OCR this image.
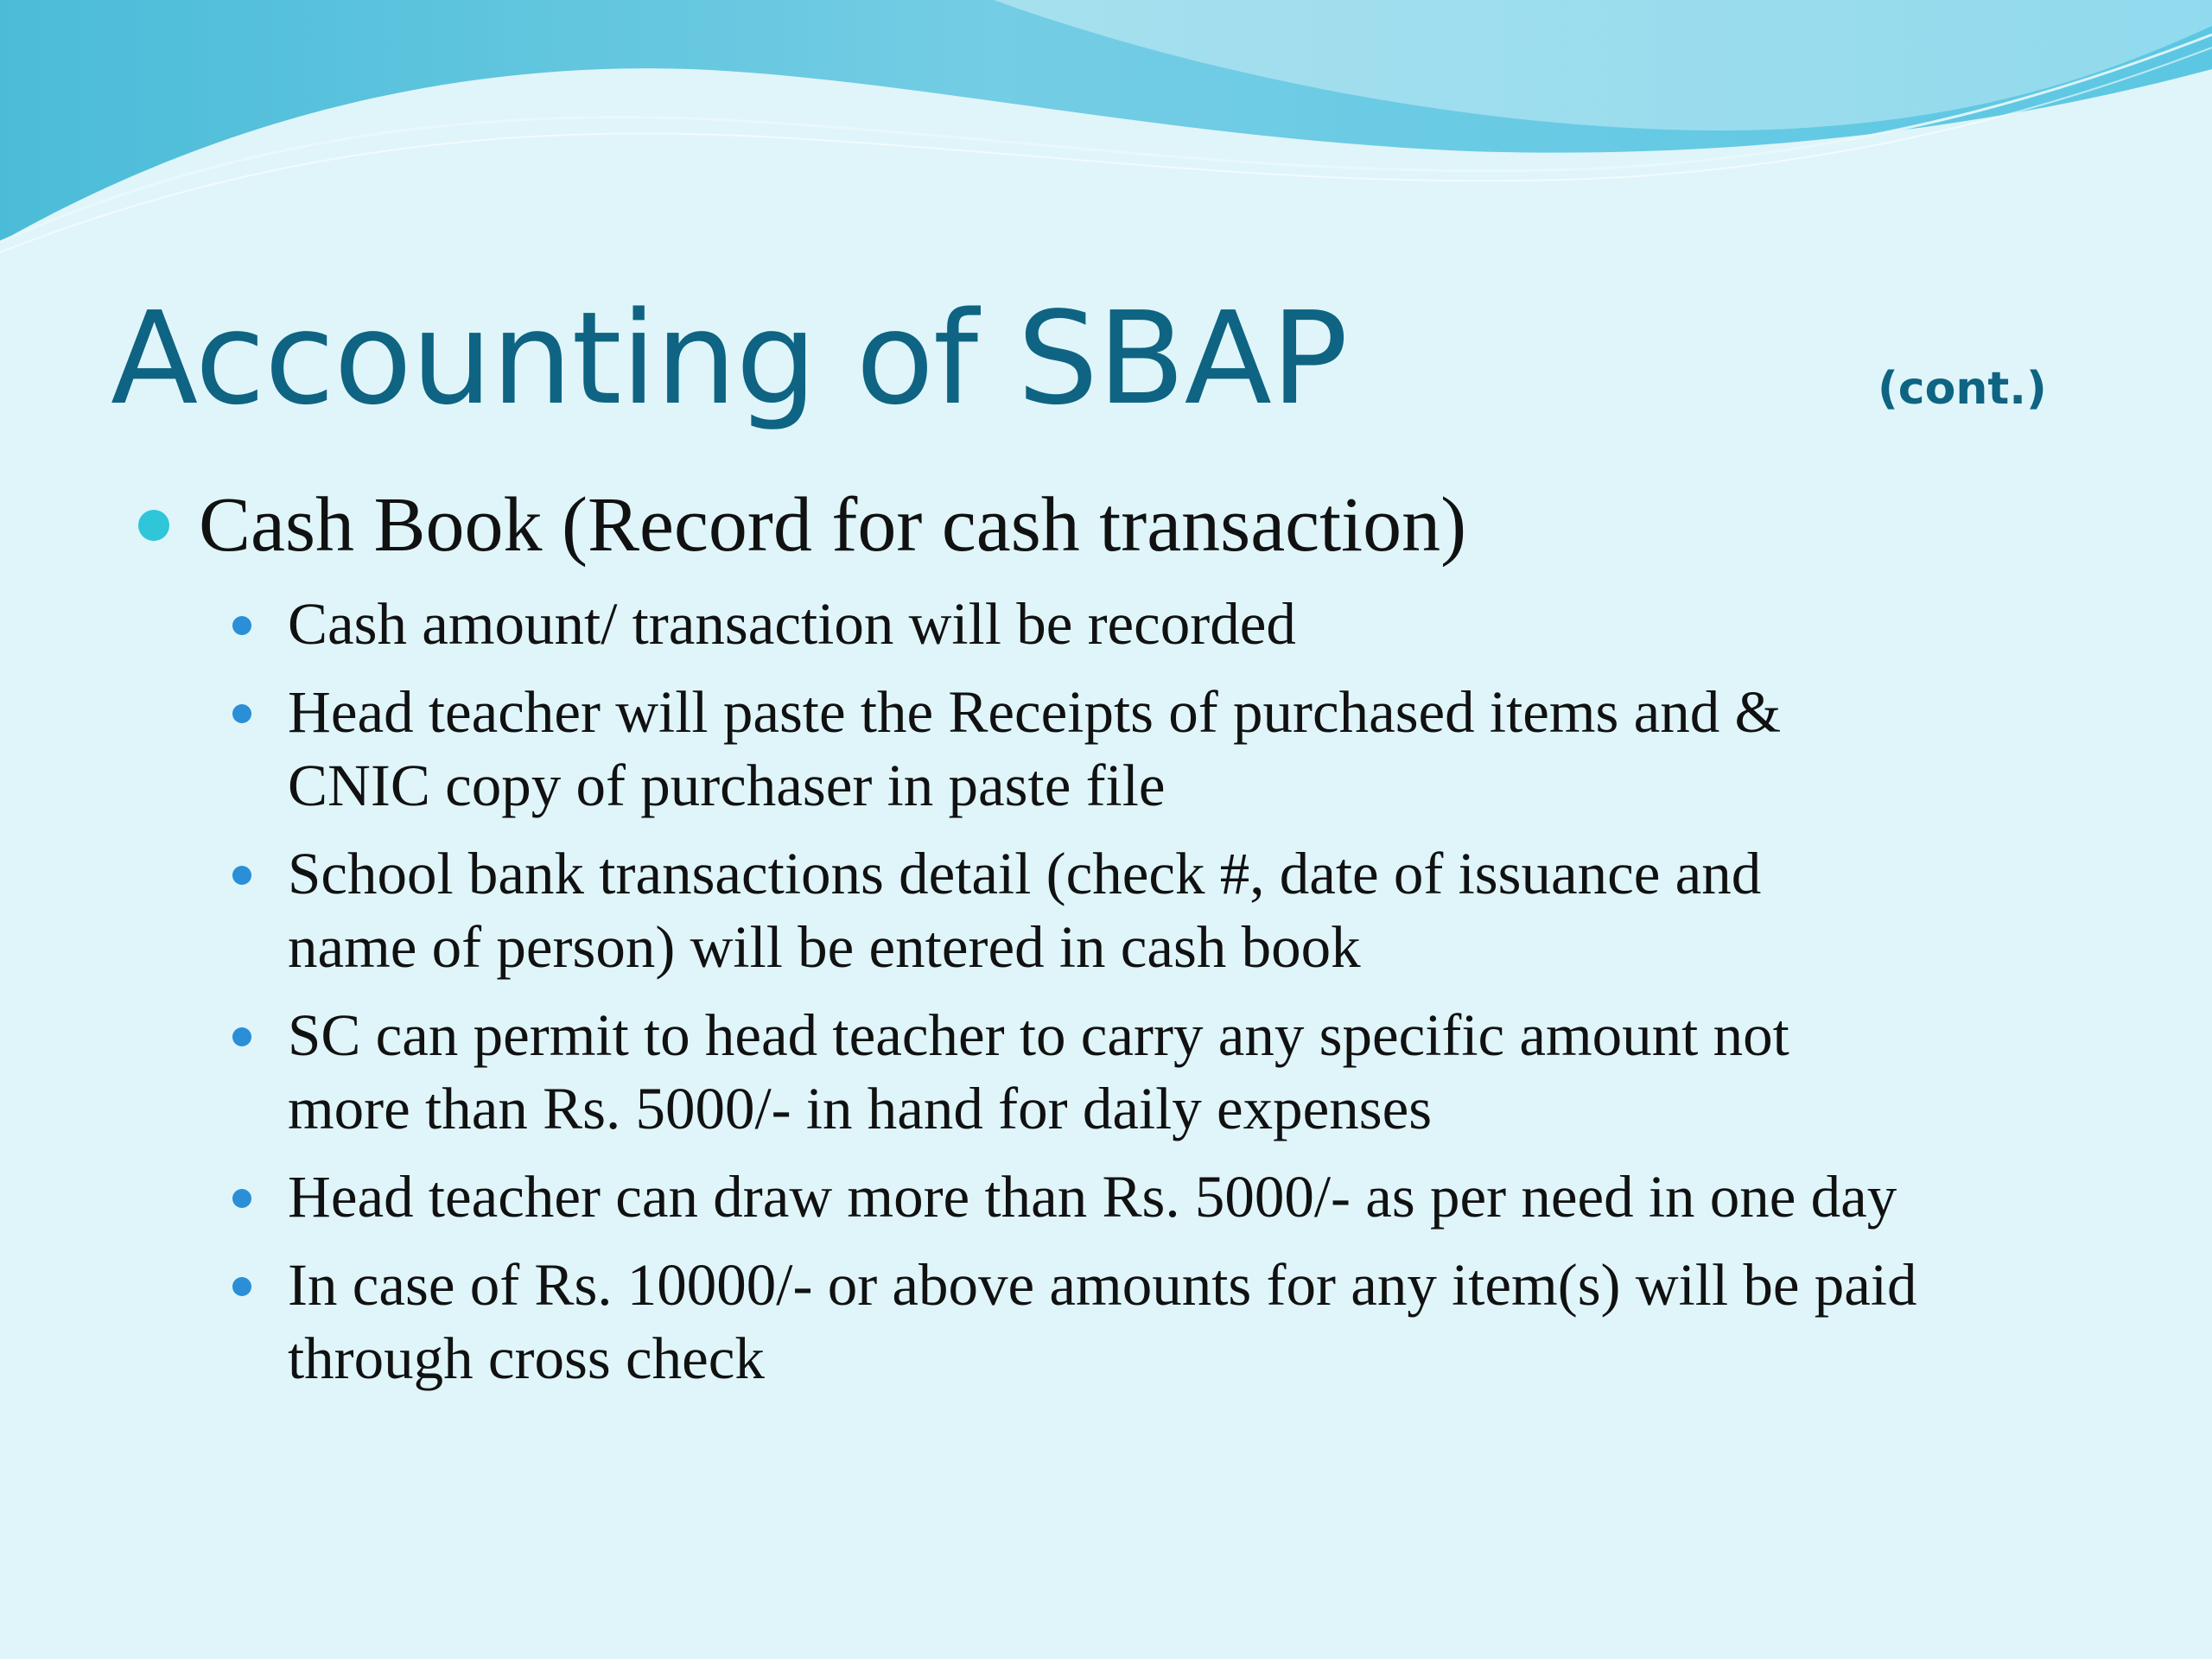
Accounting of SBAP	(cont.)
Cash Book (Record for cash transaction)
Cash amount/ transaction will be recorded
Head teacher will paste the Receipts of purchased items and &
CNIC copy of purchaser in paste file
School bank transactions detail (check #, date of issuance and
name of person) will be entered in cash book
SC can permit to head teacher to carry any specific amount not
more than Rs. 5000/- in hand for daily expenses
Head teacher can draw more than Rs. 5000/- as per need in one day
In case of Rs. 10000/- or above amounts for any item(s) will be paid
through cross check
